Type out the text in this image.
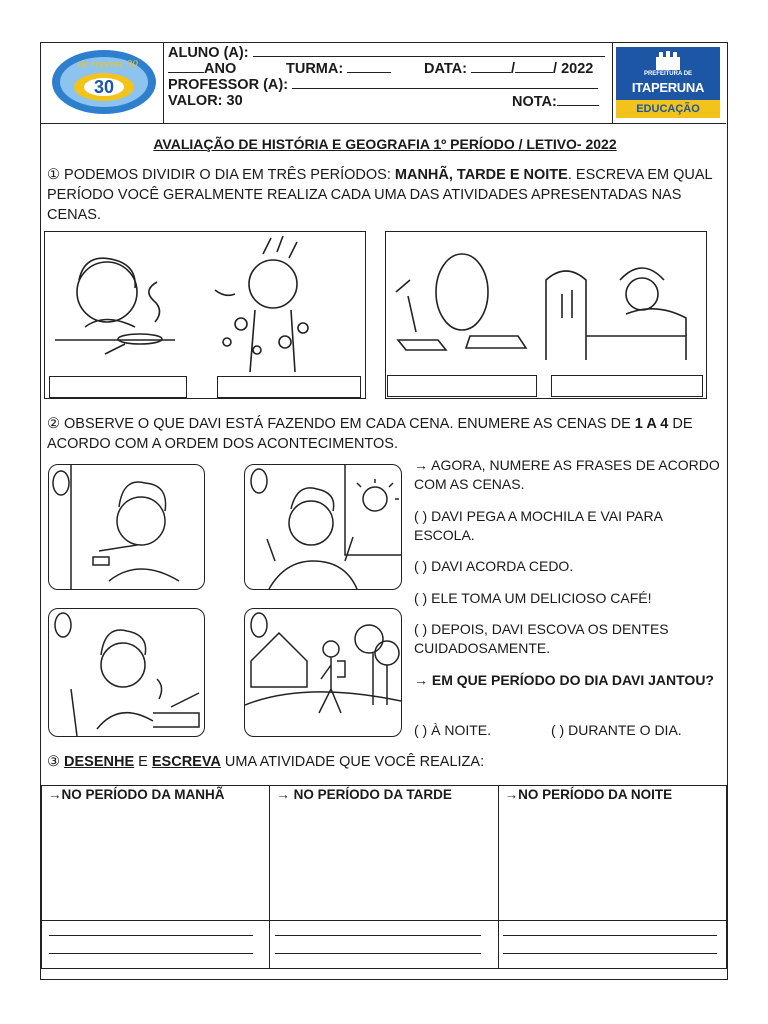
30
de repente 30
ALUNO (A):
ANO	TURMA:	DATA:	/	/ 2022
PROFESSOR (A):
VALOR: 30	NOTA:
PREFEITURA DE
ITAPERUNA
EDUCAÇÃO
AVALIAÇÃO DE HISTÓRIA E GEOGRAFIA 1º PERÍODO / LETIVO- 2022
① PODEMOS DIVIDIR O DIA EM TRÊS PERÍODOS: MANHÃ, TARDE E NOITE. ESCREVA EM QUAL PERÍODO VOCÊ GERALMENTE REALIZA CADA UMA DAS ATIVIDADES APRESENTADAS NAS CENAS.
② OBSERVE O QUE DAVI ESTÁ FAZENDO EM CADA CENA. ENUMERE AS CENAS DE 1 A 4 DE ACORDO COM A ORDEM DOS ACONTECIMENTOS.
→ AGORA, NUMERE AS FRASES DE ACORDO COM AS CENAS.
( ) DAVI PEGA A MOCHILA E VAI PARA ESCOLA.
( ) DAVI ACORDA CEDO.
( ) ELE TOMA UM DELICIOSO CAFÉ!
( ) DEPOIS, DAVI ESCOVA OS DENTES CUIDADOSAMENTE.
→ EM QUE PERÍODO DO DIA DAVI JANTOU?
( ) À NOITE.	( ) DURANTE O DIA.
③ DESENHE E ESCREVA UMA ATIVIDADE QUE VOCÊ REALIZA:
→NO PERÍODO DA MANHÃ	→ NO PERÍODO DA TARDE	→NO PERÍODO DA NOITE
